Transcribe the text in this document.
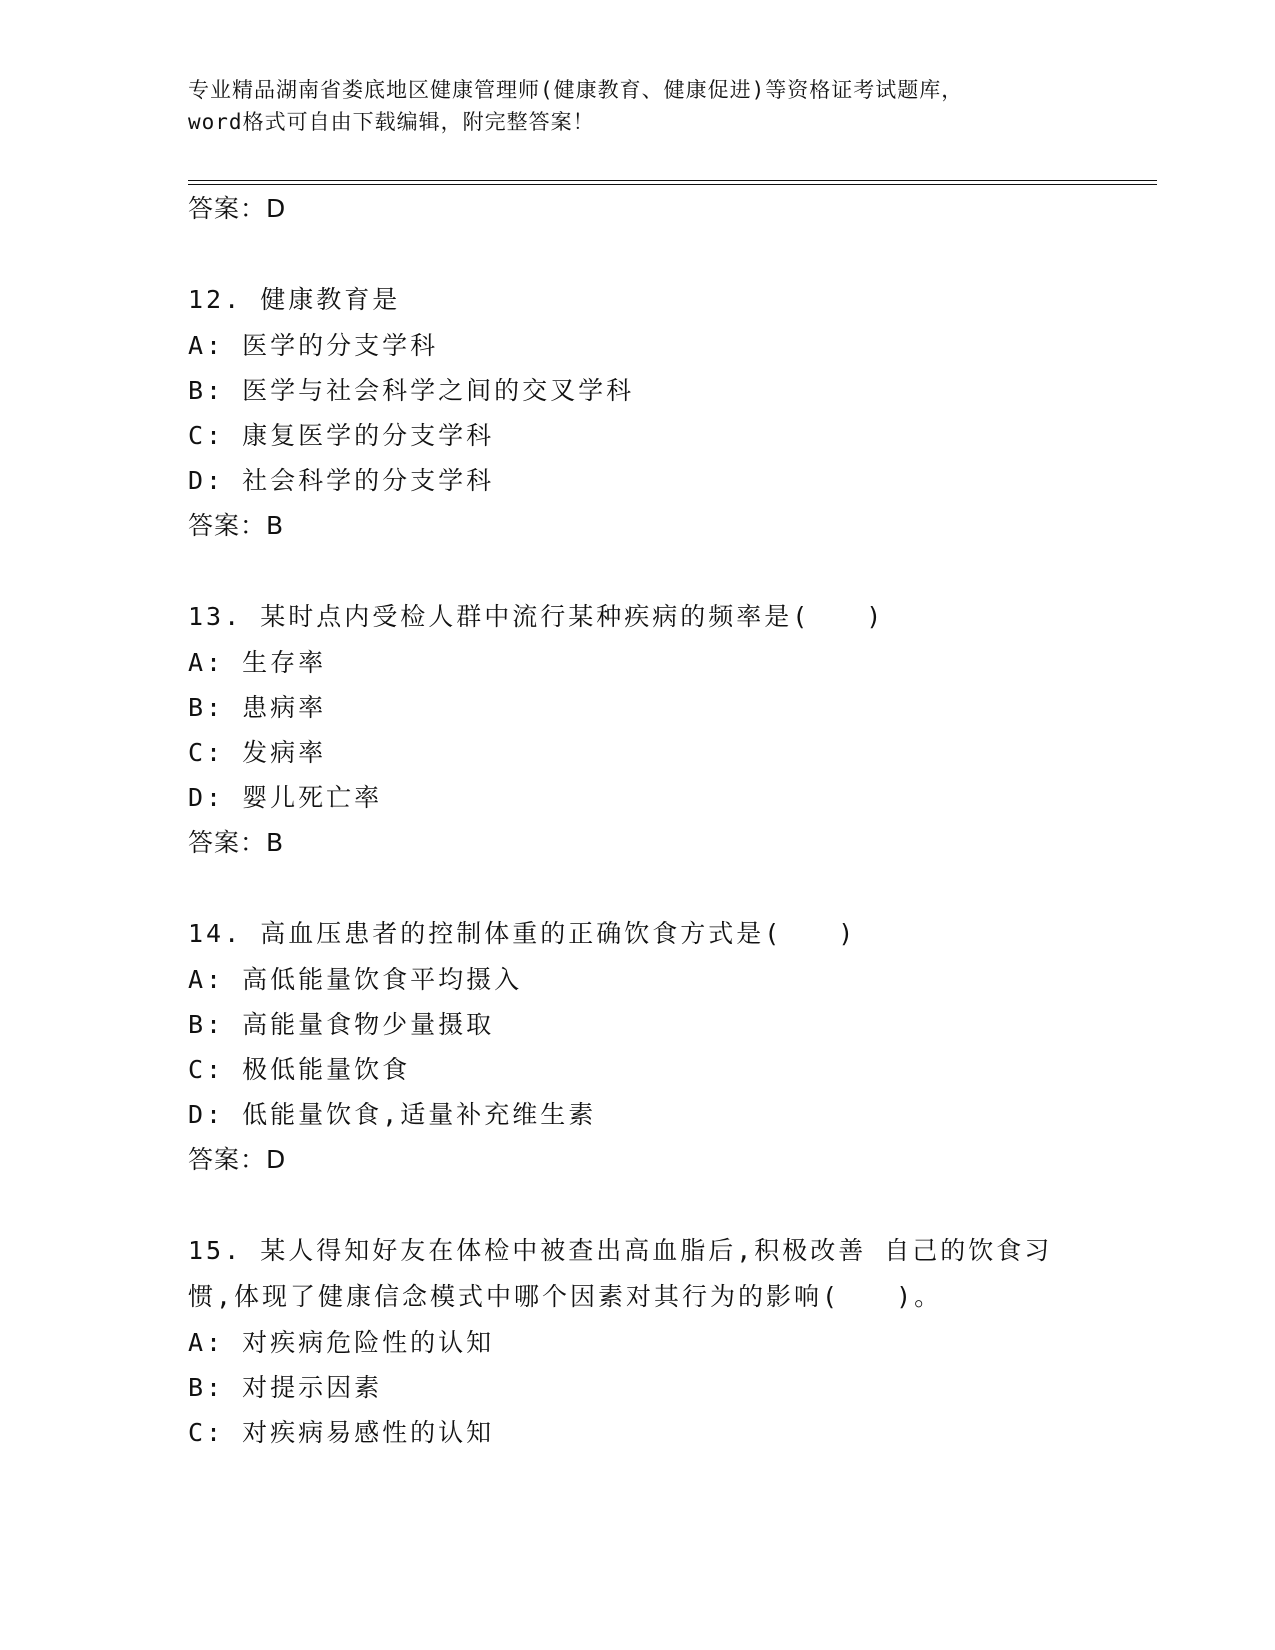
专业精品湖南省娄底地区健康管理师(健康教育、健康促进)等资格证考试题库，
word格式可自由下载编辑，附完整答案！
答案：D
12. 健康教育是
A: 医学的分支学科
B: 医学与社会科学之间的交叉学科
C: 康复医学的分支学科
D: 社会科学的分支学科
答案：B
13. 某时点内受检人群中流行某种疾病的频率是(　　)
A: 生存率
B: 患病率
C: 发病率
D: 婴儿死亡率
答案：B
14. 高血压患者的控制体重的正确饮食方式是(　　)
A: 高低能量饮食平均摄入
B: 高能量食物少量摄取
C: 极低能量饮食
D: 低能量饮食,适量补充维生素
答案：D
15. 某人得知好友在体检中被查出高血脂后,积极改善 自己的饮食习惯,体现了健康信念模式中哪个因素对其行为的影响(　　)。
A: 对疾病危险性的认知
B: 对提示因素
C: 对疾病易感性的认知
